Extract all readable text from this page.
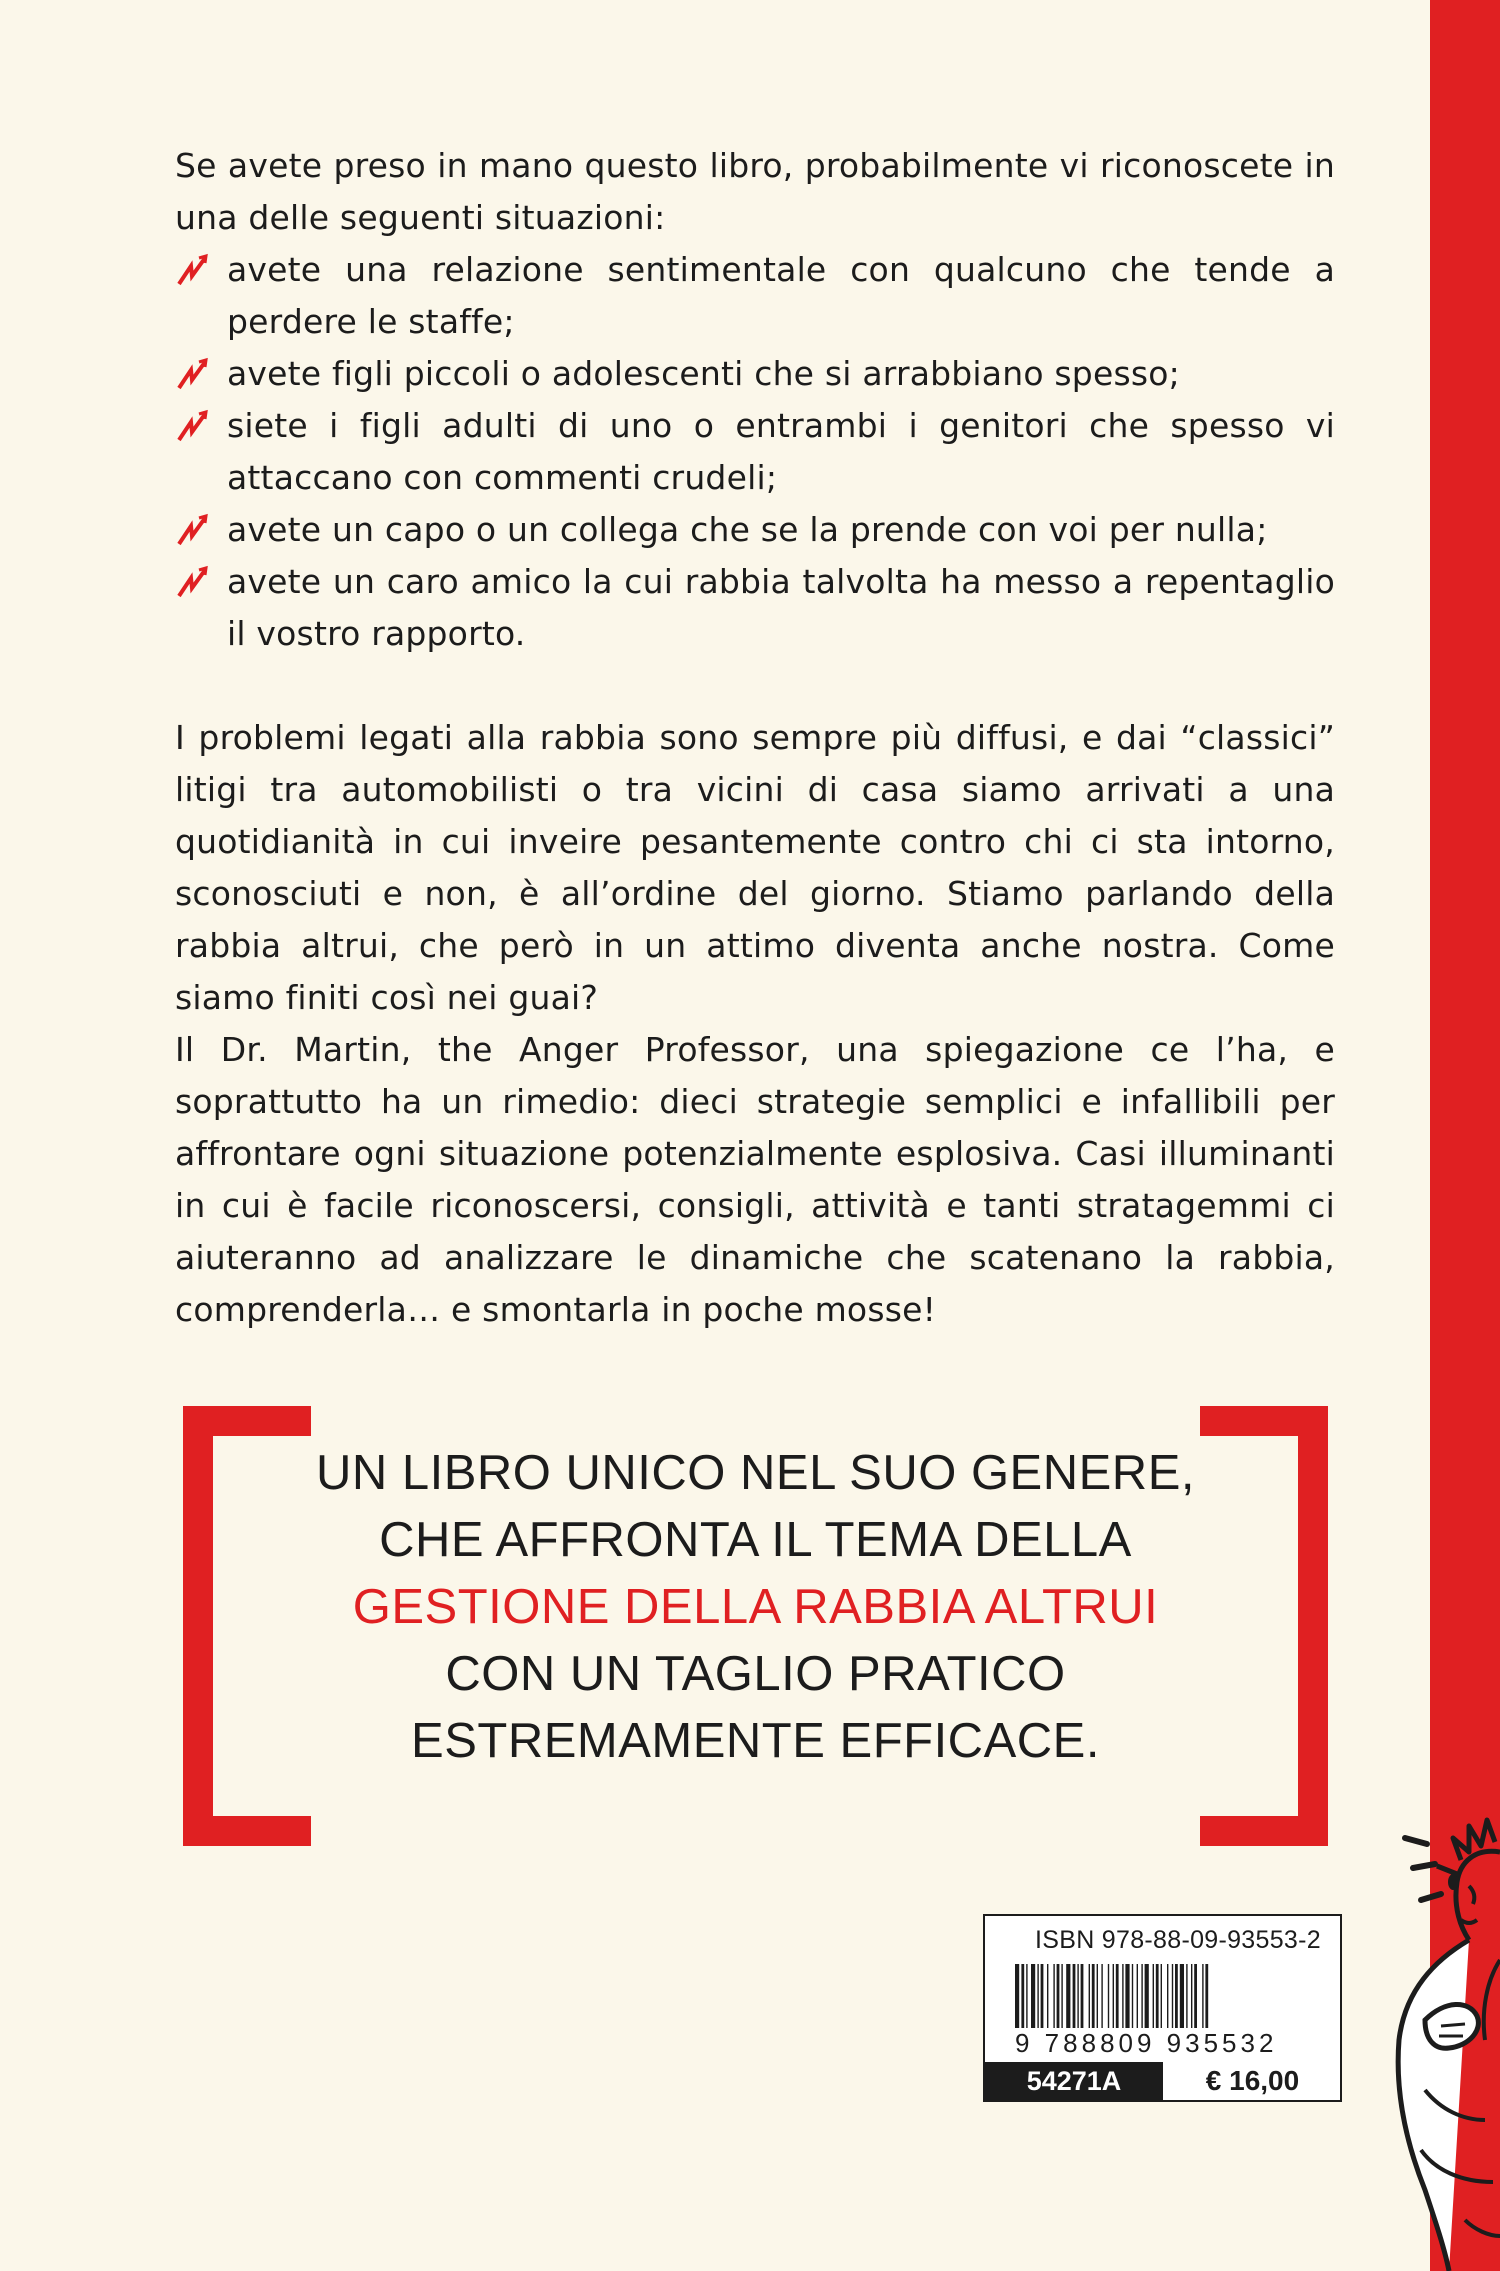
Se avete preso in mano questo libro, probabilmente vi riconoscete in una delle seguenti situazioni:

avete una relazione sentimentale con qualcuno che tende a perdere le staffe;
avete figli piccoli o adolescenti che si arrabbiano spesso;
siete i figli adulti di uno o entrambi i genitori che spesso vi attaccano con commenti crudeli;
avete un capo o un collega che se la prende con voi per nulla;
avete un caro amico la cui rabbia talvolta ha messo a repentaglio il vostro rapporto.

I problemi legati alla rabbia sono sempre più diffusi, e dai “classici” litigi tra automobilisti o tra vicini di casa siamo arrivati a una quotidianità in cui inveire pesantemente contro chi ci sta intorno, sconosciuti e non, è all’ordine del giorno. Stiamo parlando della rabbia altrui, che però in un attimo diventa anche nostra. Come siamo finiti così nei guai?

Il Dr. Martin, the Anger Professor, una spiegazione ce l’ha, e soprattutto ha un rimedio: dieci strategie semplici e infallibili per affrontare ogni situazione potenzialmente esplosiva. Casi illuminanti in cui è facile riconoscersi, consigli, attività e tanti stratagemmi ci aiuteranno ad analizzare le dinamiche che scatenano la rabbia, comprenderla… e smontarla in poche mosse!

UN LIBRO UNICO NEL SUO GENERE,
CHE AFFRONTA IL TEMA DELLA
GESTIONE DELLA RABBIA ALTRUI
CON UN TAGLIO PRATICO
ESTREMAMENTE EFFICACE.
ISBN 978-88-09-93553-2
9 788809 935532
54271A	€ 16,00
